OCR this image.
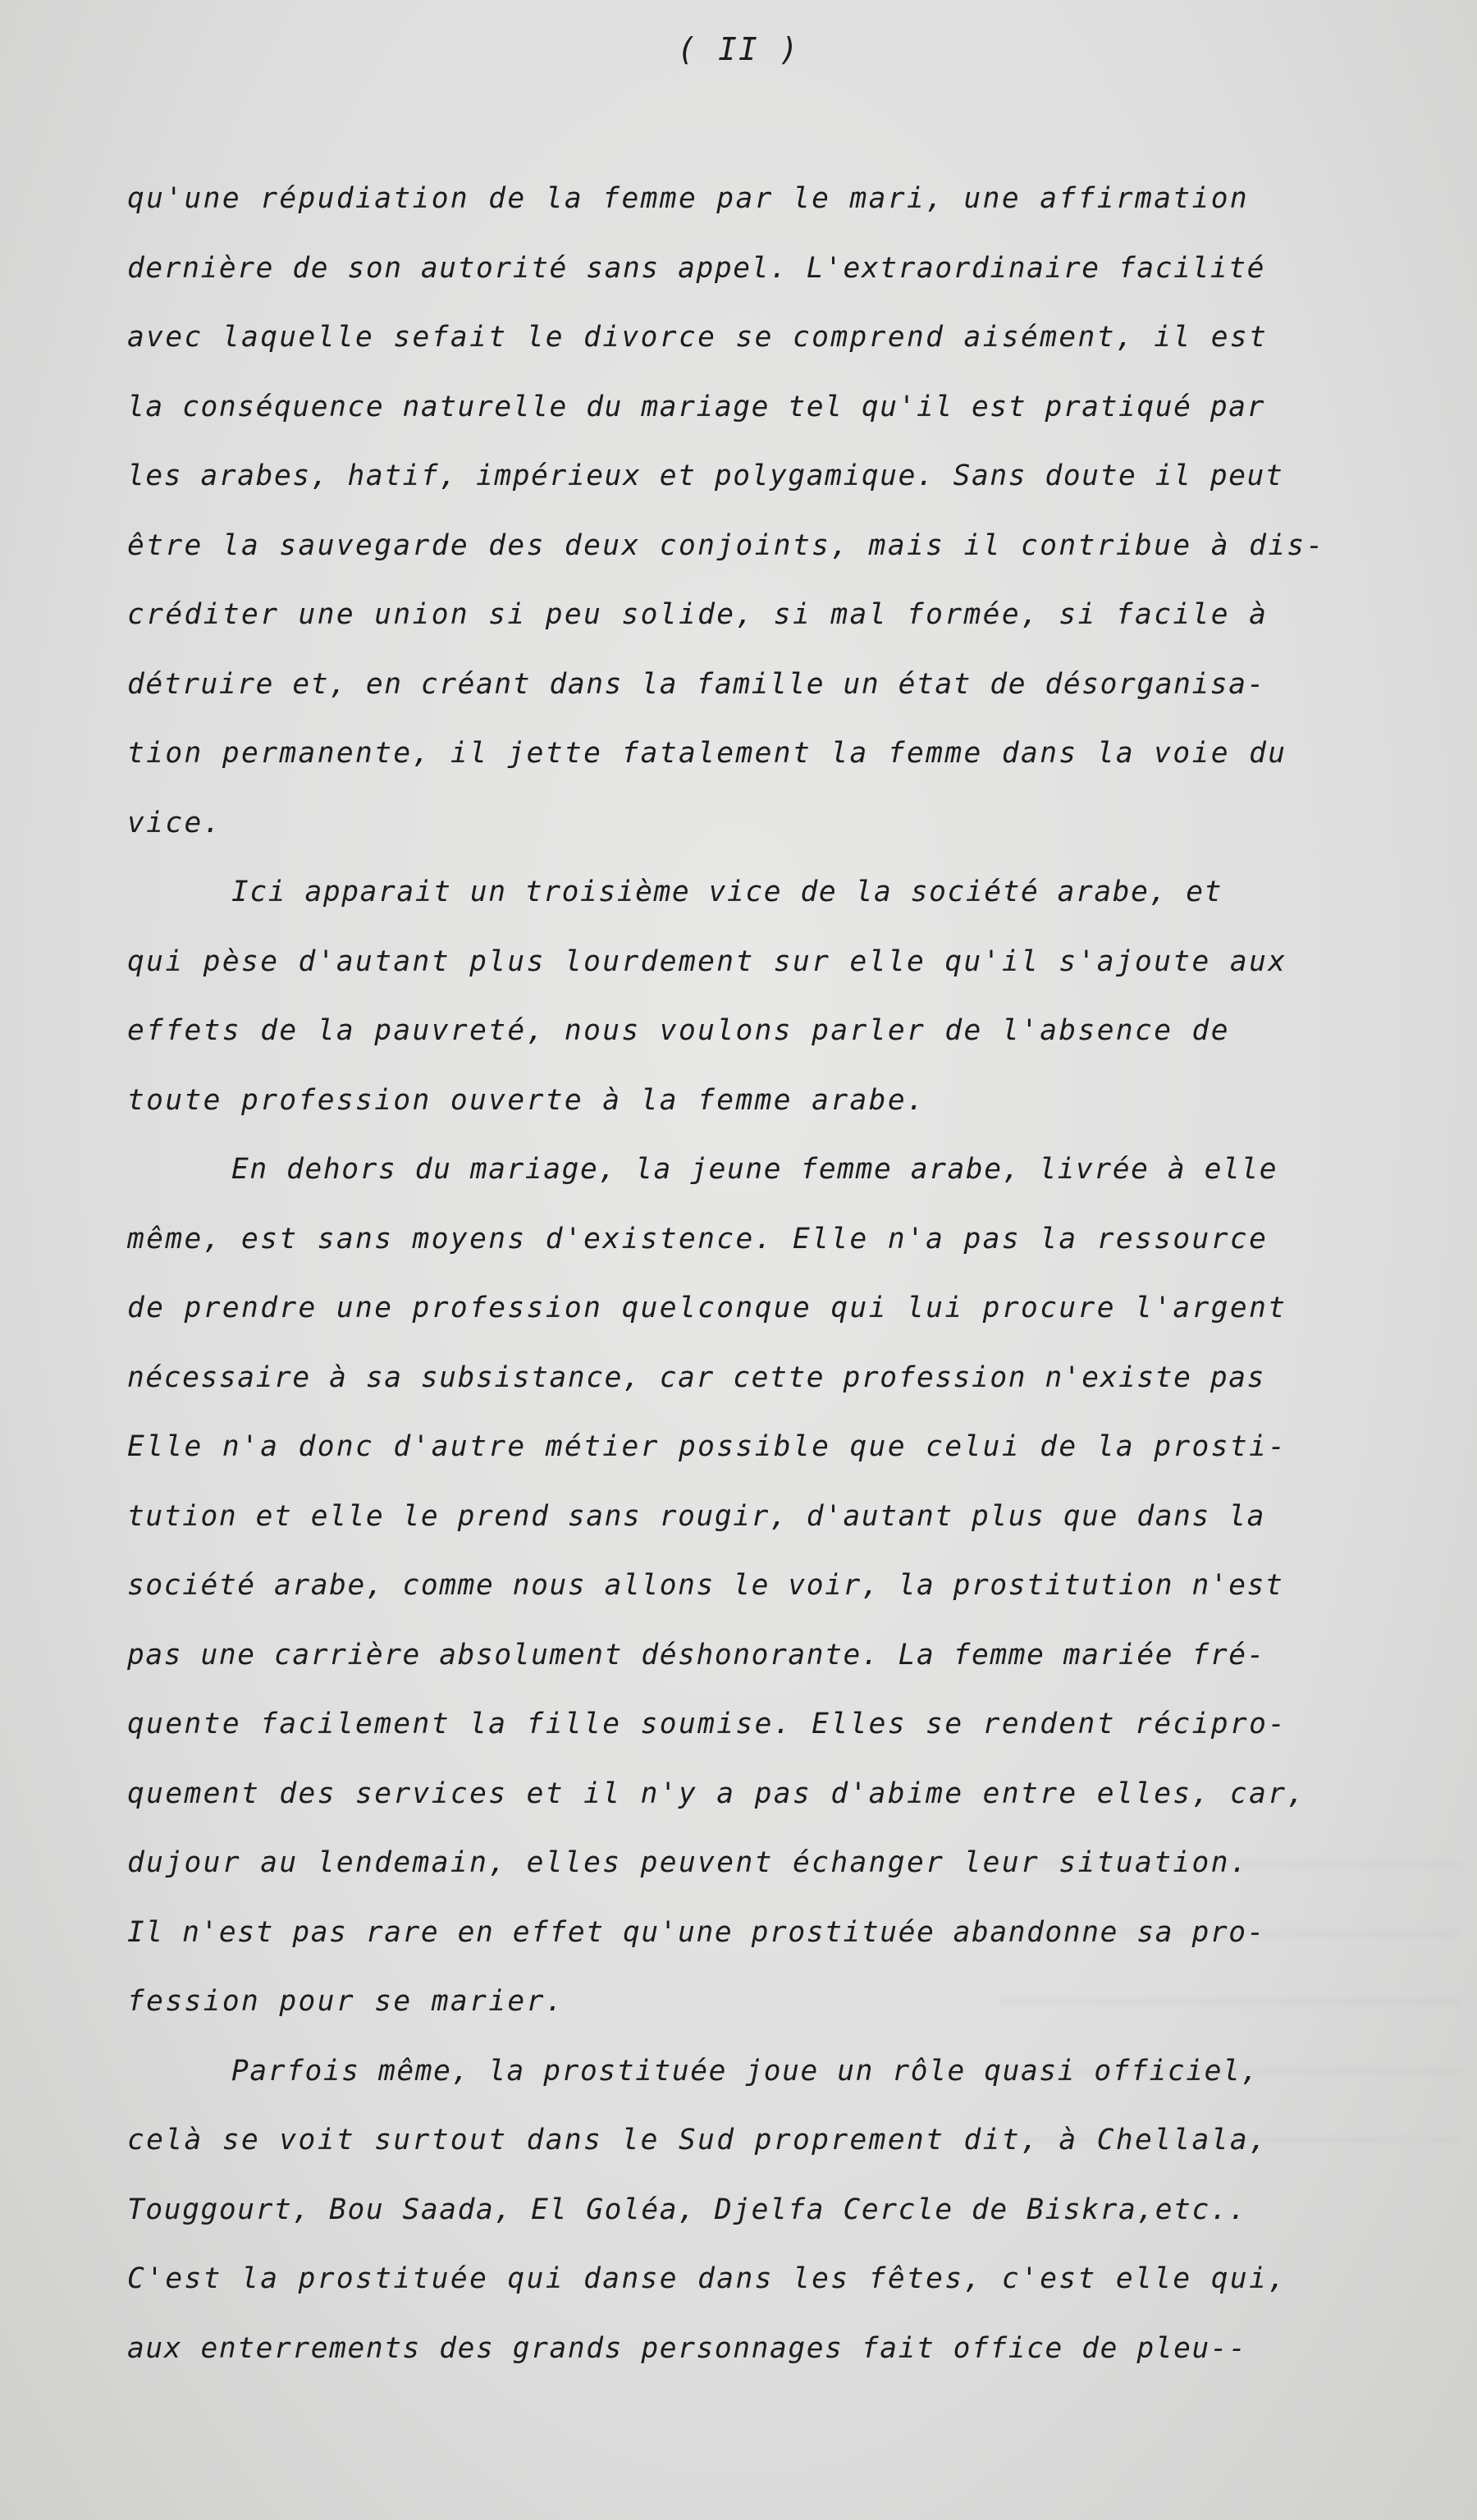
( II )
qu'une répudiation de la femme par le mari, une affirmation
dernière de son autorité sans appel. L'extraordinaire facilité
avec laquelle sefait le divorce se comprend aisément, il est
la conséquence naturelle du mariage tel qu'il est pratiqué par
les arabes, hatif, impérieux et polygamique. Sans doute il peut
être la sauvegarde des deux conjoints, mais il contribue à dis-
créditer une union si peu solide, si mal formée, si facile à
détruire et, en créant dans la famille un état de désorganisa-
tion permanente, il jette fatalement la femme dans la voie du
vice.
Ici apparait un troisième vice de la société arabe, et
qui pèse d'autant plus lourdement sur elle qu'il s'ajoute aux
effets de la pauvreté, nous voulons parler de l'absence de
toute profession ouverte à la femme arabe.
En dehors du mariage, la jeune femme arabe, livrée à elle
même, est sans moyens d'existence. Elle n'a pas la ressource
de prendre une profession quelconque qui lui procure l'argent
nécessaire à sa subsistance, car cette profession n'existe pas
Elle n'a donc d'autre métier possible que celui de la prosti-
tution et elle le prend sans rougir, d'autant plus que dans la
société arabe, comme nous allons le voir, la prostitution n'est
pas une carrière absolument déshonorante. La femme mariée fré-
quente facilement la fille soumise. Elles se rendent récipro-
quement des services et il n'y a pas d'abime entre elles, car,
dujour au lendemain, elles peuvent échanger leur situation.
Il n'est pas rare en effet qu'une prostituée abandonne sa pro-
fession pour se marier.
Parfois même, la prostituée joue un rôle quasi officiel,
celà se voit surtout dans le Sud proprement dit, à Chellala,
Touggourt, Bou Saada, El Goléa, Djelfa Cercle de Biskra,etc..
C'est la prostituée qui danse dans les fêtes, c'est elle qui,
aux enterrements des grands personnages fait office de pleu--
